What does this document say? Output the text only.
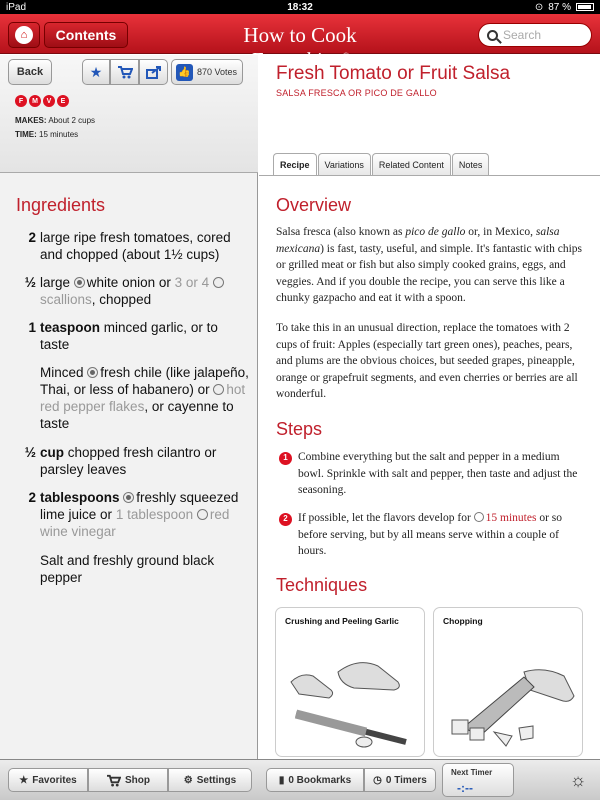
iPad	18:32	⊙ 87 %
⌂	Contents	How to Cook	Search
Back	★	👍 870 Votes
F	M	V	E
MAKES: About 2 cups
TIME: 15 minutes
Ingredients
2 large ripe fresh tomatoes, cored and chopped (about 1½ cups)
½ large white onion or 3 or 4 scallions, chopped
1 teaspoon minced garlic, or to taste
Minced fresh chile (like jalapeño, Thai, or less of habanero) or hot red pepper flakes, or cayenne to taste
½ cup chopped fresh cilantro or parsley leaves
2 tablespoons freshly squeezed lime juice or 1 tablespoon red wine vinegar
Salt and freshly ground black pepper
Fresh Tomato or Fruit Salsa
SALSA FRESCA OR PICO DE GALLO
Recipe	Variations	Related Content	Notes
Overview
Salsa fresca (also known as pico de gallo or, in Mexico, salsa mexicana) is fast, tasty, useful, and simple. It's fantastic with chips or grilled meat or fish but also simply cooked grains, eggs, and veggies. And if you double the recipe, you can serve this like a chunky gazpacho and eat it with a spoon.
To take this in an unusual direction, replace the tomatoes with 2 cups of fruit: Apples (especially tart green ones), peaches, pears, and plums are the obvious choices, but seeded grapes, pineapple, orange or grapefruit segments, and even cherries or berries are all wonderful.
Steps
1 Combine everything but the salt and pepper in a medium bowl. Sprinkle with salt and pepper, then taste and adjust the seasoning.
2 If possible, let the flavors develop for 15 minutes or so before serving, but by all means serve within a couple of hours.
Techniques
Crushing and Peeling Garlic	Chopping
★ Favorites	Shop	⚙ Settings	▮ 0 Bookmarks ◷ 0 Timers
Next Timer
-:--	☼
